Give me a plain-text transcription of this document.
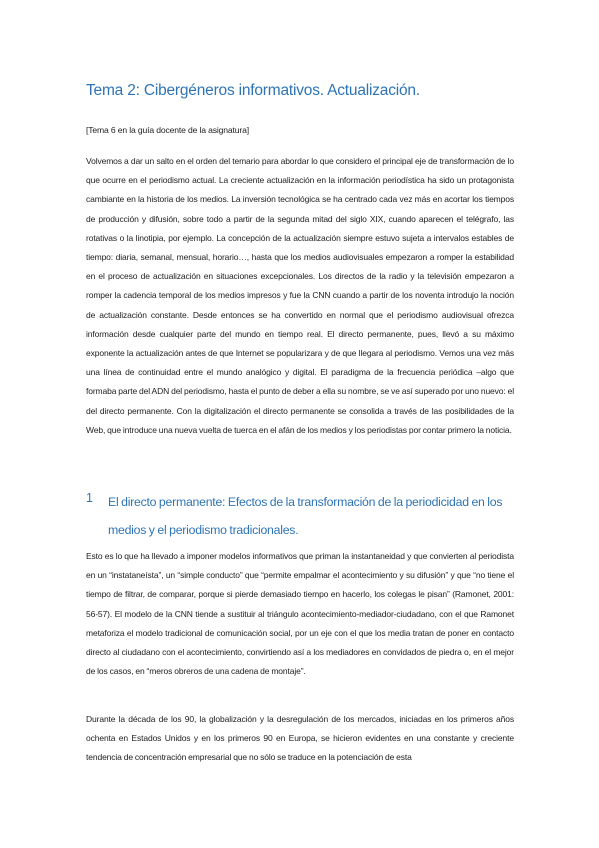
Tema 2: Cibergéneros informativos. Actualización.
[Tema 6 en la guía docente de la asignatura]

Volvemos a dar un salto en el orden del temario para abordar lo que considero el principal eje de transformación de lo que ocurre en el periodismo actual. La creciente actualización en la información periodística ha sido un protagonista cambiante en la historia de los medios. La inversión tecnológica se ha centrado cada vez más en acortar los tiempos de producción y difusión, sobre todo a partir de la segunda mitad del siglo XIX, cuando aparecen el telégrafo, las rotativas o la linotipia, por ejemplo. La concepción de la actualización siempre estuvo sujeta a intervalos estables de tiempo: diaria, semanal, mensual, horario…, hasta que los medios audiovisuales empezaron a romper la estabilidad en el proceso de actualización en situaciones excepcionales. Los directos de la radio y la televisión empezaron a romper la cadencia temporal de los medios impresos y fue la CNN cuando a partir de los noventa introdujo la noción de actualización constante. Desde entonces se ha convertido en normal que el periodismo audiovisual ofrezca información desde cualquier parte del mundo en tiempo real. El directo permanente, pues, llevó a su máximo exponente la actualización antes de que Internet se popularizara y de que llegara al periodismo. Vemos una vez más una línea de continuidad entre el mundo analógico y digital. El paradigma de la frecuencia periódica –algo que formaba parte del ADN del periodismo, hasta el punto de deber a ella su nombre, se ve así superado por uno nuevo: el del directo permanente. Con la digitalización el directo permanente se consolida a través de las posibilidades de la Web, que introduce una nueva vuelta de tuerca en el afán de los medios y los periodistas por contar primero la noticia.

1 El directo permanente: Efectos de la transformación de la periodicidad en los medios y el periodismo tradicionales.

Esto es lo que ha llevado a imponer modelos informativos que priman la instantaneidad y que convierten al periodista en un “instataneísta”, un “simple conducto” que “permite empalmar el acontecimiento y su difusión” y que “no tiene el tiempo de filtrar, de comparar, porque si pierde demasiado tiempo en hacerlo, los colegas le pisan” (Ramonet, 2001: 56-57). El modelo de la CNN tiende a sustituir al triángulo acontecimiento-mediador-ciudadano, con el que Ramonet metaforiza el modelo tradicional de comunicación social, por un eje con el que los media tratan de poner en contacto directo al ciudadano con el acontecimiento, convirtiendo así a los mediadores en convidados de piedra o, en el mejor de los casos, en “meros obreros de una cadena de montaje”.

Durante la década de los 90, la globalización y la desregulación de los mercados, iniciadas en los primeros años ochenta en Estados Unidos y en los primeros 90 en Europa, se hicieron evidentes en una constante y creciente tendencia de concentración empresarial que no sólo se traduce en la potenciación de esta
